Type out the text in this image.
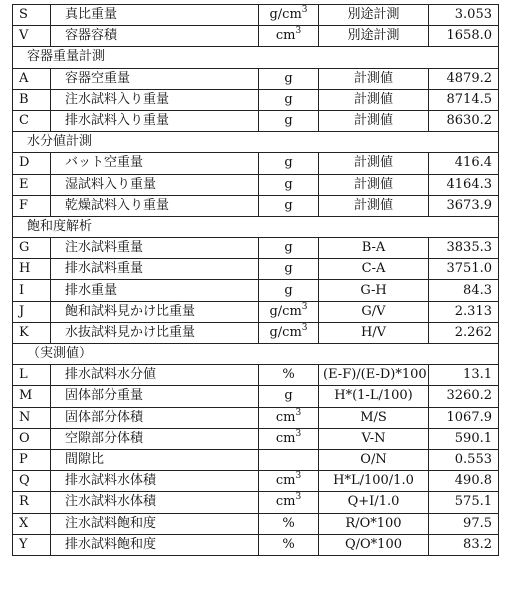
S	真比重量	$g/cm^3$	別途計測	3.053
V	容器容積	$cm^3$	別途計測	1658.0
容器重量計測				
A	容器空重量	g	計測値	4879.2
B	注水試料入り重量	g	計測値	8714.5
C	排水試料入り重量	g	計測値	8630.2
水分値計測				
D	バット空重量	g	計測値	416.4
E	湿試料入り重量	g	計測値	4164.3
F	乾燥試料入り重量	g	計測値	3673.9
飽和度解析				
G	注水試料重量	g	B-A	3835.3
H	排水試料重量	g	C-A	3751.0
I	排水重量	g	G-H	84.3
J	飽和試料見かけ比重量	$g/cm^3$	G/V	2.313
K	水抜試料見かけ比重量	$g/cm^3$	H/V	2.262
（実測値）				
L	排水試料水分値	%	(E-F)/(E-D)*100	13.1
M	固体部分重量	g	H*(1-L/100)	3260.2
N	固体部分体積	$cm^3$	M/S	1067.9
O	空隙部分体積	$cm^3$	V-N	590.1
P	間隙比		O/N	0.553
Q	排水試料水体積	$cm^3$	H*L/100/1.0	490.8
R	注水試料水体積	$cm^3$	Q+I/1.0	575.1
X	注水試料飽和度	%	R/O*100	97.5
Y	排水試料飽和度	%	Q/O*100	83.2
